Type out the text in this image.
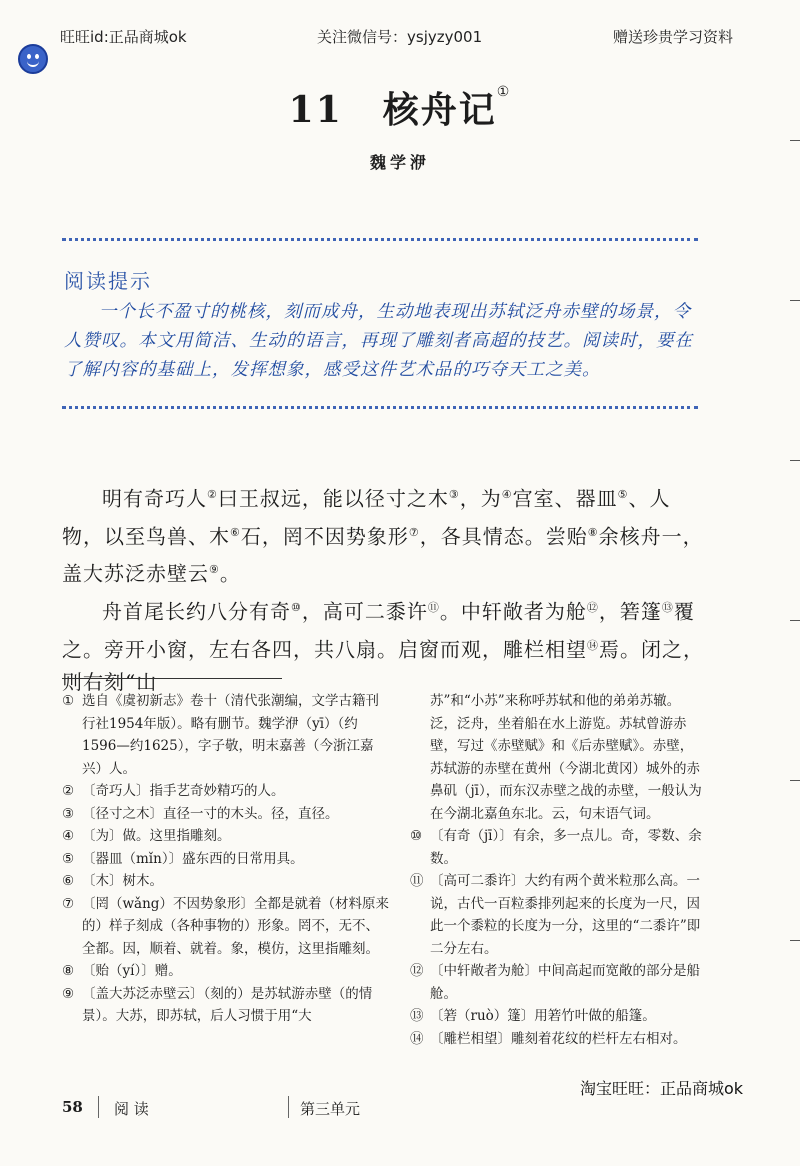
旺旺id:正品商城ok	关注微信号：ysjyzy001	赠送珍贵学习资料
11 核舟记①
魏学洢
阅读提示
一个长不盈寸的桃核，刻而成舟，生动地表现出苏轼泛舟赤壁的场景，令人赞叹。本文用简洁、生动的语言，再现了雕刻者高超的技艺。阅读时，要在了解内容的基础上，发挥想象，感受这件艺术品的巧夺天工之美。

明有奇巧人②曰王叔远，能以径寸之木③，为④宫室、器皿⑤、人物，以至鸟兽、木⑥石，罔不因势象形⑦，各具情态。尝贻⑧余核舟一，盖大苏泛赤壁云⑨。

舟首尾长约八分有奇⑩，高可二黍许⑪。中轩敞者为舱⑫，箬篷⑬覆之。旁开小窗，左右各四，共八扇。启窗而观，雕栏相望⑭焉。闭之，则右刻“山

① 选自《虞初新志》卷十（清代张潮编，文学古籍刊行社1954年版）。略有删节。魏学洢（yī）（约1596—约1625），字子敬，明末嘉善（今浙江嘉兴）人。
② 〔奇巧人〕指手艺奇妙精巧的人。
③ 〔径寸之木〕直径一寸的木头。径，直径。
④ 〔为〕做。这里指雕刻。
⑤ 〔器皿（mǐn）〕盛东西的日常用具。
⑥ 〔木〕树木。
⑦ 〔罔（wǎng）不因势象形〕全都是就着（材料原来的）样子刻成（各种事物的）形象。罔不，无不、全都。因，顺着、就着。象，模仿，这里指雕刻。
⑧ 〔贻（yí）〕赠。
⑨ 〔盖大苏泛赤壁云〕（刻的）是苏轼游赤壁（的情景）。大苏，即苏轼，后人习惯于用“大

苏”和“小苏”来称呼苏轼和他的弟弟苏辙。泛，泛舟，坐着船在水上游览。苏轼曾游赤壁，写过《赤壁赋》和《后赤壁赋》。赤壁，苏轼游的赤壁在黄州（今湖北黄冈）城外的赤鼻矶（jī），而东汉赤壁之战的赤壁，一般认为在今湖北嘉鱼东北。云，句末语气词。

⑩ 〔有奇（jī）〕有余，多一点儿。奇，零数、余数。
⑪ 〔高可二黍许〕大约有两个黄米粒那么高。一说，古代一百粒黍排列起来的长度为一尺，因此一个黍粒的长度为一分，这里的“二黍许”即二分左右。
⑫ 〔中轩敞者为舱〕中间高起而宽敞的部分是船舱。
⑬ 〔箬（ruò）篷〕用箬竹叶做的船篷。
⑭ 〔雕栏相望〕雕刻着花纹的栏杆左右相对。
淘宝旺旺：正品商城ok
58 阅 读	第三单元
